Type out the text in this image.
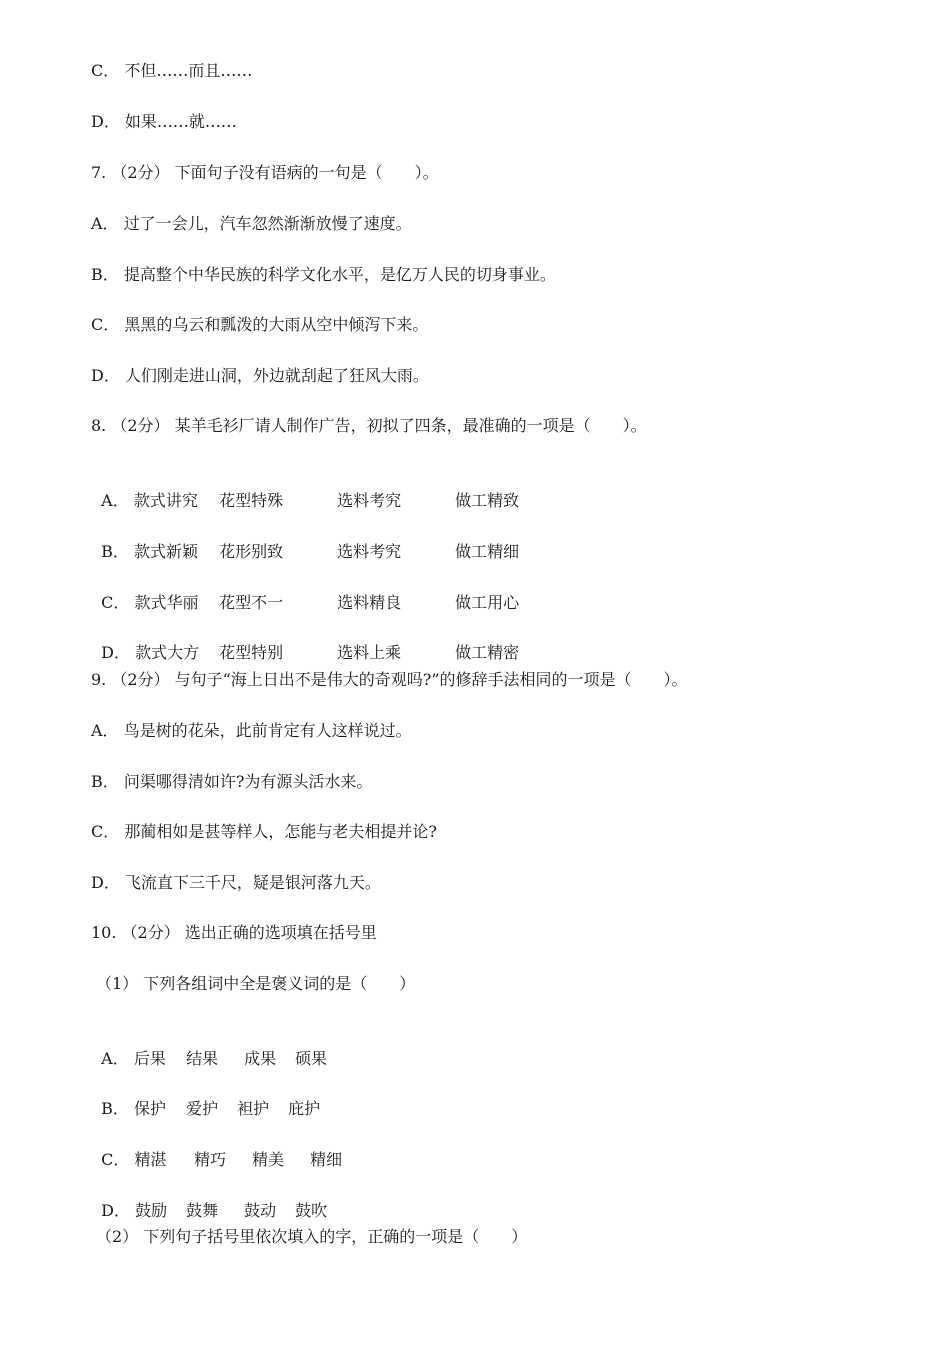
C． 不但……而且……
D． 如果……就……
7. （2分） 下面句子没有语病的一句是（　　）。
A． 过了一会儿，汽车忽然渐渐放慢了速度。
B． 提高整个中华民族的科学文化水平，是亿万人民的切身事业。
C． 黑黑的乌云和瓢泼的大雨从空中倾泻下来。
D． 人们刚走进山洞，外边就刮起了狂风大雨。
8. （2分） 某羊毛衫厂请人制作广告，初拟了四条，最准确的一项是（　　）。

A． 款式讲究 花型特殊	选料考究	做工精致

B． 款式新颖 花形别致	选料考究	做工精细

C． 款式华丽 花型不一	选料精良	做工用心

D． 款式大方 花型特别	选料上乘	做工精密

9. （2分） 与句子“海上日出不是伟大的奇观吗?”的修辞手法相同的一项是（　　）。
A． 鸟是树的花朵，此前肯定有人这样说过。
B． 问渠哪得清如许?为有源头活水来。
C． 那蔺相如是甚等样人，怎能与老夫相提并论?
D． 飞流直下三千尺，疑是银河落九天。
10. （2分） 选出正确的选项填在括号里
（1） 下列各组词中全是褒义词的是（　　）

A． 后果 结果 成果 硕果

B． 保护 爱护 袒护 庇护

C． 精湛 精巧 精美 精细

D． 鼓励 鼓舞 鼓动 鼓吹

（2） 下列句子括号里依次填入的字，正确的一项是（　　）
